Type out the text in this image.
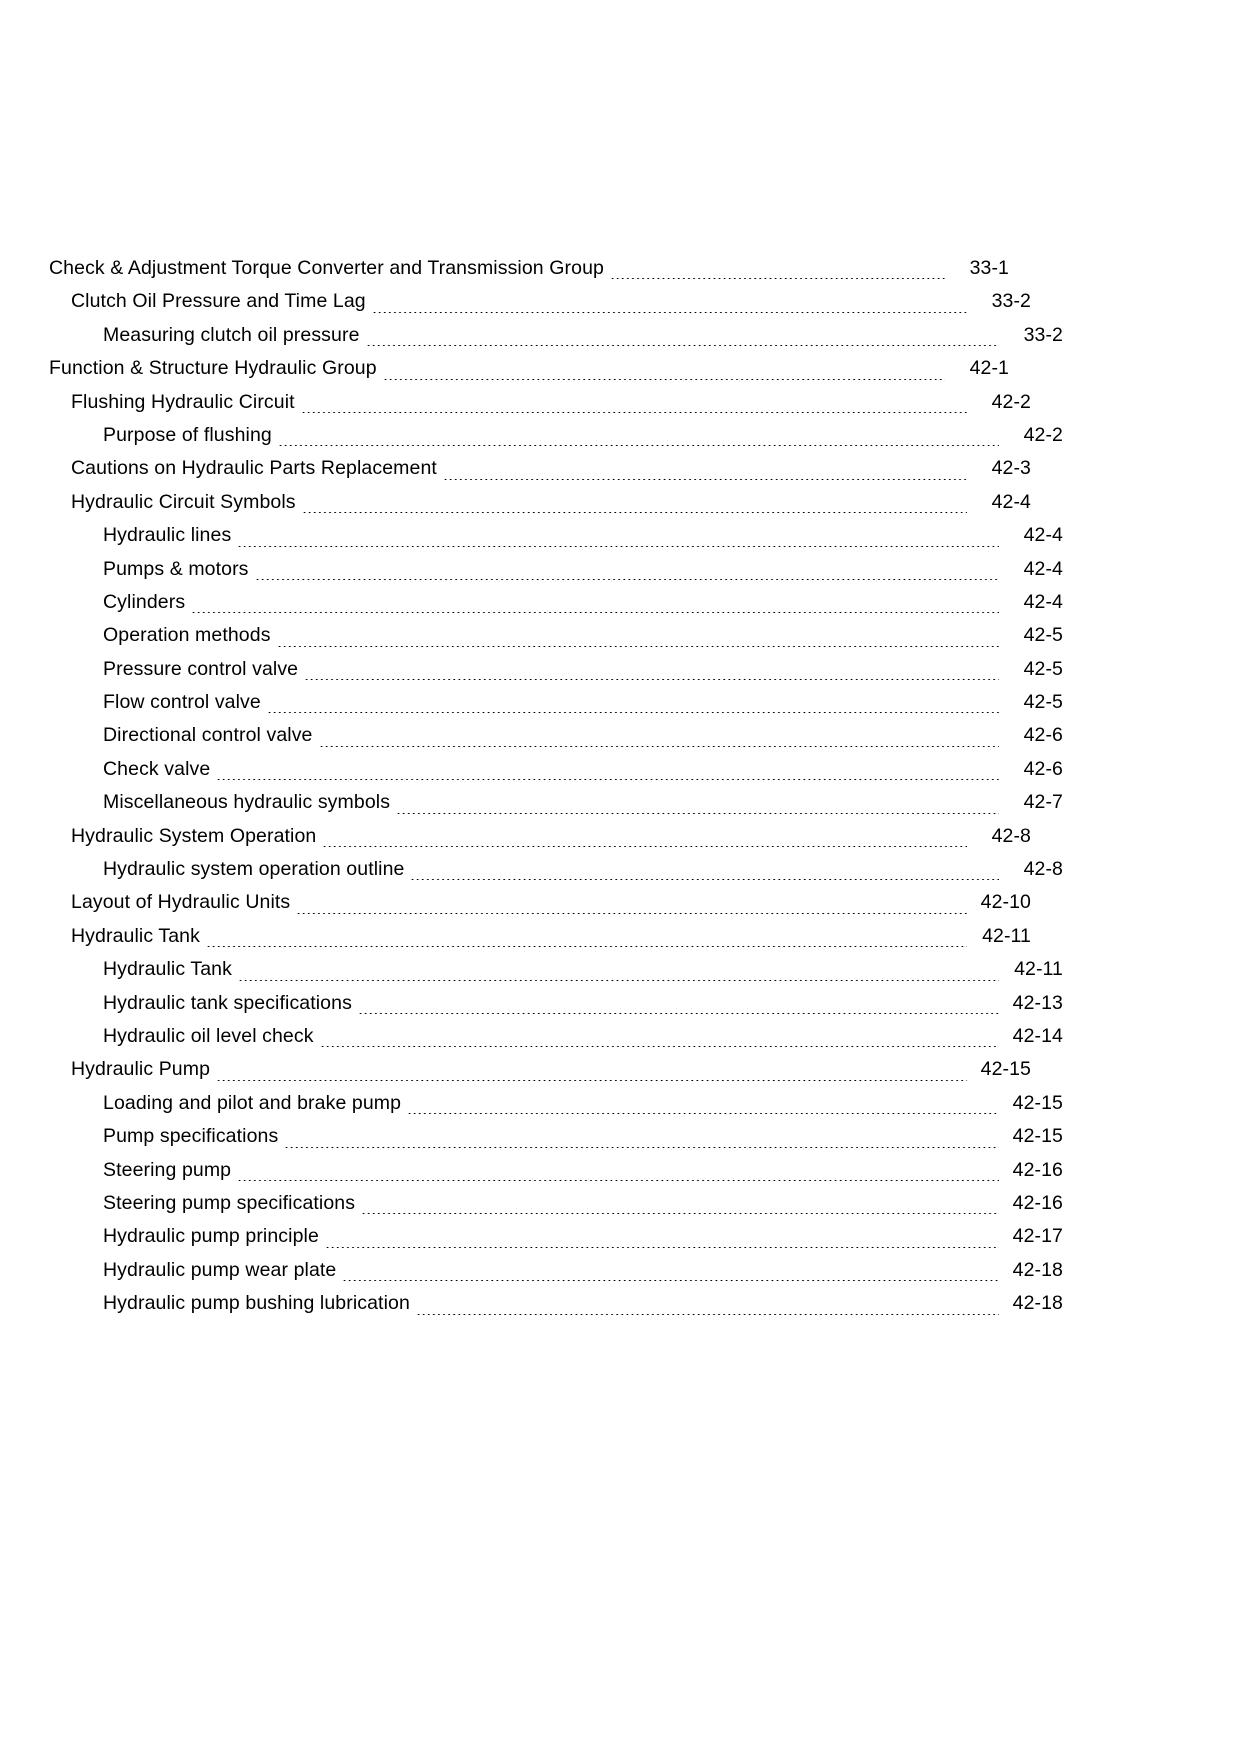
Check & Adjustment Torque Converter and Transmission Group	33-1
Clutch Oil Pressure and Time Lag	33-2
Measuring clutch oil pressure	33-2
Function & Structure Hydraulic Group	42-1
Flushing Hydraulic Circuit	42-2
Purpose of flushing	42-2
Cautions on Hydraulic Parts Replacement	42-3
Hydraulic Circuit Symbols	42-4
Hydraulic lines	42-4
Pumps & motors	42-4
Cylinders	42-4
Operation methods	42-5
Pressure control valve	42-5
Flow control valve	42-5
Directional control valve	42-6
Check valve	42-6
Miscellaneous hydraulic symbols	42-7
Hydraulic System Operation	42-8
Hydraulic system operation outline	42-8
Layout of Hydraulic Units	42-10
Hydraulic Tank	42-11
Hydraulic Tank	42-11
Hydraulic tank specifications	42-13
Hydraulic oil level check	42-14
Hydraulic Pump	42-15
Loading and pilot and brake pump	42-15
Pump specifications	42-15
Steering pump	42-16
Steering pump specifications	42-16
Hydraulic pump principle	42-17
Hydraulic pump wear plate	42-18
Hydraulic pump bushing lubrication	42-18
